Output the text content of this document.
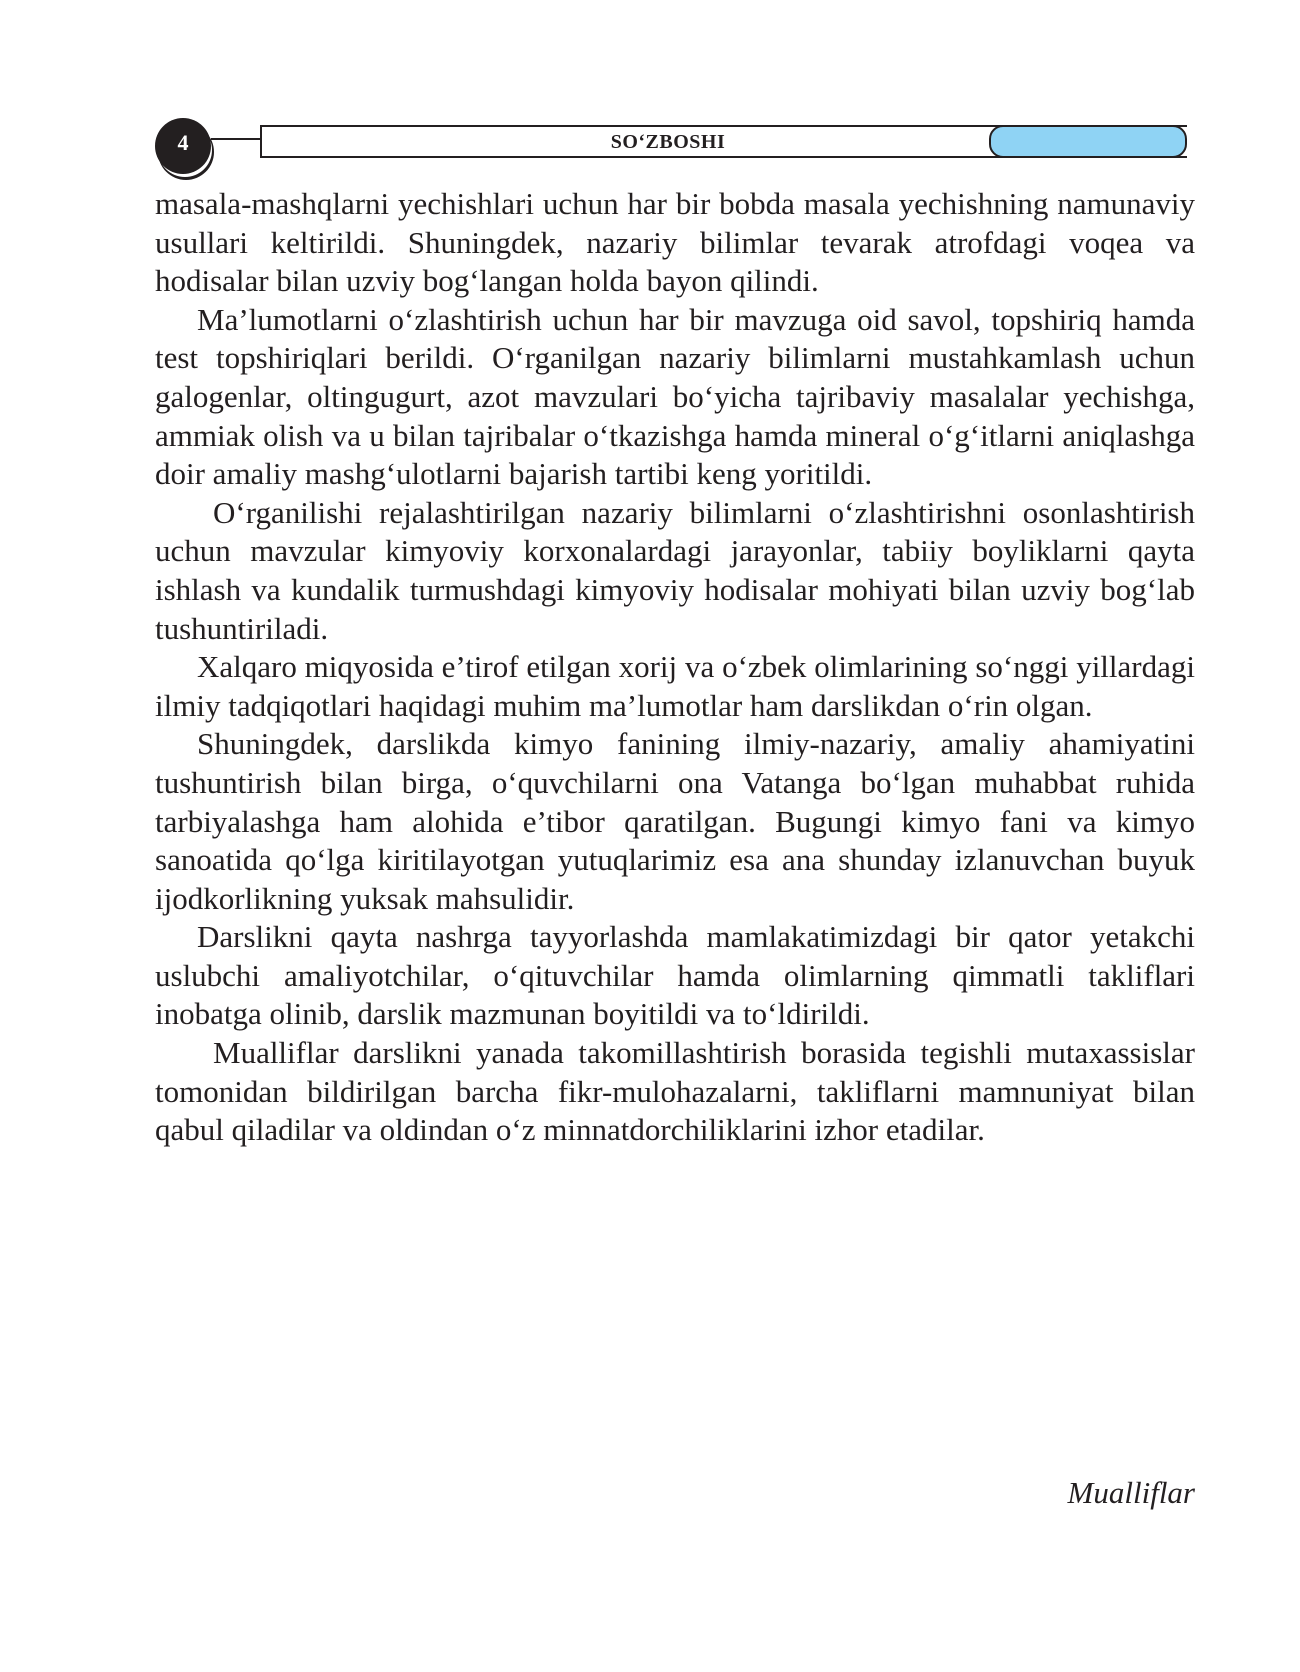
SO‘ZBOSHI
4

masala-mashqlarni yechishlari uchun har bir bobda masala yechishning namunaviy usullari keltirildi. Shuningdek, nazariy bilimlar tevarak atrofdagi voqea va hodisalar bilan uzviy bog‘langan holda bayon qilindi.

Ma’lumotlarni o‘zlashtirish uchun har bir mavzuga oid savol, topshiriq hamda test topshiriqlari berildi. O‘rganilgan nazariy bilimlarni mustahkamlash uchun galogenlar, oltingugurt, azot mavzulari bo‘yicha tajribaviy masalalar yechishga, ammiak olish va u bilan tajribalar o‘tkazishga hamda mineral o‘g‘itlarni aniqlashga doir amaliy mashg‘ulotlarni bajarish tartibi keng yoritildi.

O‘rganilishi rejalashtirilgan nazariy bilimlarni o‘zlashtirishni osonlashtirish uchun mavzular kimyoviy korxonalardagi jarayonlar, tabiiy boyliklarni qayta ishlash va kundalik turmushdagi kimyoviy hodisalar mohiyati bilan uzviy bog‘lab tushuntiriladi.

Xalqaro miqyosida e’tirof etilgan xorij va o‘zbek olimlarining so‘nggi yillardagi ilmiy tadqiqotlari haqidagi muhim ma’lumotlar ham darslikdan o‘rin olgan.

Shuningdek, darslikda kimyo fanining ilmiy-nazariy, amaliy ahamiyatini tushuntirish bilan birga, o‘quvchilarni ona Vatanga bo‘lgan muhabbat ruhida tarbiyalashga ham alohida e’tibor qaratilgan. Bugungi kimyo fani va kimyo sanoatida qo‘lga kiritilayotgan yutuqlarimiz esa ana shunday izlanuvchan buyuk ijodkorlikning yuksak mahsulidir.

Darslikni qayta nashrga tayyorlashda mamlakatimizdagi bir qator yetakchi uslubchi amaliyotchilar, o‘qituvchilar hamda olimlarning qimmatli takliflari inobatga olinib, darslik mazmunan boyitildi va to‘ldirildi.

Mualliflar darslikni yanada takomillashtirish borasida tegishli mutaxassislar tomonidan bildirilgan barcha fikr-mulohazalarni, takliflarni mamnuniyat bilan qabul qiladilar va oldindan o‘z minnatdorchiliklarini izhor etadilar.

Mualliflar
